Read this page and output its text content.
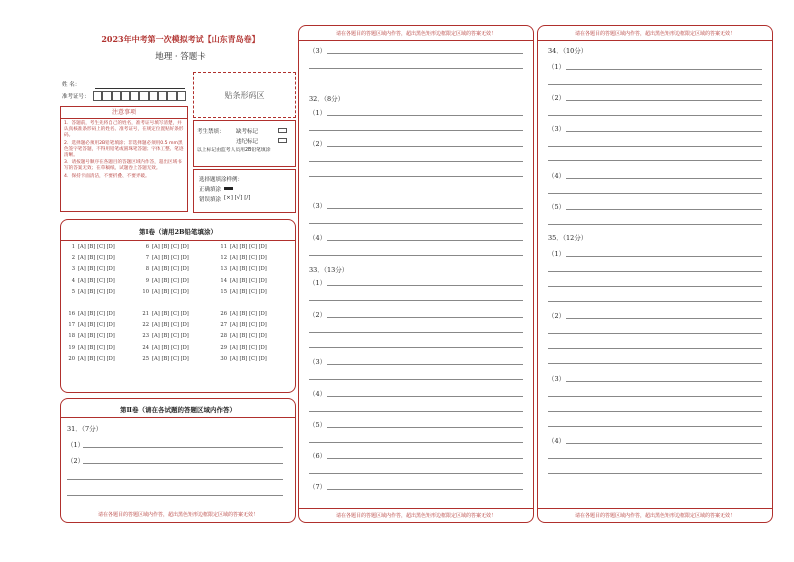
2023年中考第一次模拟考试【山东青岛卷】
地理 · 答题卡
姓 名：
准考证号：
注意事项
1．答题前，考生先将自己的姓名，准考证号填写清楚，并认真核准条形码上的姓名、准考证号，在规定位置贴好条形码。
2．选择题必须用2B铅笔填涂；非选择题必须用0.5 mm黑色签字笔答题，不得用铅笔或圆珠笔答题；字体工整、笔迹清晰。
3．请按题号顺序在各题目的答题区域内作答，超出区域书写的答案无效；在草稿纸、试题卷上答题无效。
4．保持卡面清洁，不要折叠、不要弄破。
贴条形码区
考生禁填： 缺考标记
违纪标记
以上标记由监考人员用2B铅笔填涂
选择题填涂样例：
正确填涂
错误填涂 [×] [√] [/]
第Ⅰ卷（请用2B铅笔填涂）
1 [A] [B] [C] [D]
2 [A] [B] [C] [D]
3 [A] [B] [C] [D]
4 [A] [B] [C] [D]
5 [A] [B] [C] [D]
6 [A] [B] [C] [D]
7 [A] [B] [C] [D]
8 [A] [B] [C] [D]
9 [A] [B] [C] [D]
10 [A] [B] [C] [D]
11 [A] [B] [C] [D]
12 [A] [B] [C] [D]
13 [A] [B] [C] [D]
14 [A] [B] [C] [D]
15 [A] [B] [C] [D]
16 [A] [B] [C] [D]
17 [A] [B] [C] [D]
18 [A] [B] [C] [D]
19 [A] [B] [C] [D]
20 [A] [B] [C] [D]
21 [A] [B] [C] [D]
22 [A] [B] [C] [D]
23 [A] [B] [C] [D]
24 [A] [B] [C] [D]
25 [A] [B] [C] [D]
26 [A] [B] [C] [D]
27 [A] [B] [C] [D]
28 [A] [B] [C] [D]
29 [A] [B] [C] [D]
30 [A] [B] [C] [D]
第Ⅱ卷（请在各试题的答题区域内作答）
31．（7分）
（1）
（2）
请在各题目的答题区域内作答，超出黑色矩形边框限定区域的答案无效！
请在各题目的答题区域内作答，超出黑色矩形边框限定区域的答案无效！
（3）
32．（8分）
（1）
（2）
（3）
（4）
33．（13分）
（1）
（2）
（3）
（4）
（5）
（6）
（7）
请在各题目的答题区域内作答，超出黑色矩形边框限定区域的答案无效！
请在各题目的答题区域内作答，超出黑色矩形边框限定区域的答案无效！
34．（10分）
（1）
（2）
（3）
（4）
（5）
35．（12分）
（1）
（2）
（3）
（4）
请在各题目的答题区域内作答，超出黑色矩形边框限定区域的答案无效！
